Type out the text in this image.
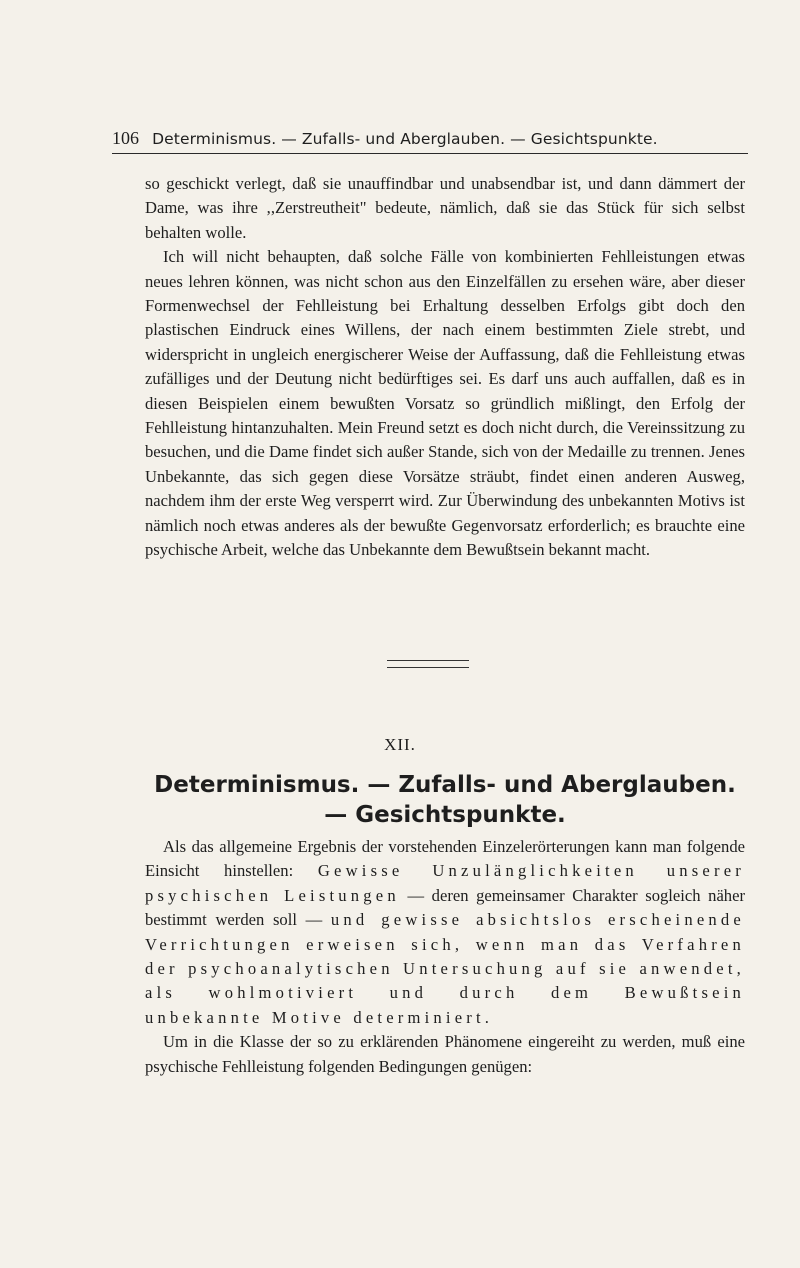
106 Determinismus. — Zufalls- und Aberglauben. — Gesichtspunkte.

so geschickt verlegt, daß sie unauffindbar und unabsendbar ist, und dann dämmert der Dame, was ihre ,,Zerstreutheit" bedeute, nämlich, daß sie das Stück für sich selbst behalten wolle.

Ich will nicht behaupten, daß solche Fälle von kombinierten Fehlleistungen etwas neues lehren können, was nicht schon aus den Einzelfällen zu ersehen wäre, aber dieser Formenwechsel der Fehlleistung bei Erhaltung desselben Erfolgs gibt doch den plastischen Eindruck eines Willens, der nach einem bestimmten Ziele strebt, und widerspricht in ungleich energischerer Weise der Auffassung, daß die Fehlleistung etwas zufälliges und der Deutung nicht bedürftiges sei. Es darf uns auch auffallen, daß es in diesen Beispielen einem bewußten Vorsatz so gründlich mißlingt, den Erfolg der Fehlleistung hintanzuhalten. Mein Freund setzt es doch nicht durch, die Vereinssitzung zu besuchen, und die Dame findet sich außer Stande, sich von der Medaille zu trennen. Jenes Unbekannte, das sich gegen diese Vorsätze sträubt, findet einen anderen Ausweg, nachdem ihm der erste Weg versperrt wird. Zur Überwindung des unbekannten Motivs ist nämlich noch etwas anderes als der bewußte Gegenvorsatz erforderlich; es brauchte eine psychische Arbeit, welche das Unbekannte dem Bewußtsein bekannt macht.

XII.
Determinismus. — Zufalls- und Aberglauben.
— Gesichtspunkte.

Als das allgemeine Ergebnis der vorstehenden Einzelerörterungen kann man folgende Einsicht hinstellen: Gewisse Unzulänglichkeiten unserer psychischen Leistungen — deren gemeinsamer Charakter sogleich näher bestimmt werden soll — und gewisse absichtslos erscheinende Verrichtungen erweisen sich, wenn man das Verfahren der psychoanalytischen Untersuchung auf sie anwendet, als wohlmotiviert und durch dem Bewußtsein unbekannte Motive determiniert.

Um in die Klasse der so zu erklärenden Phänomene eingereiht zu werden, muß eine psychische Fehlleistung folgenden Bedingungen genügen:
